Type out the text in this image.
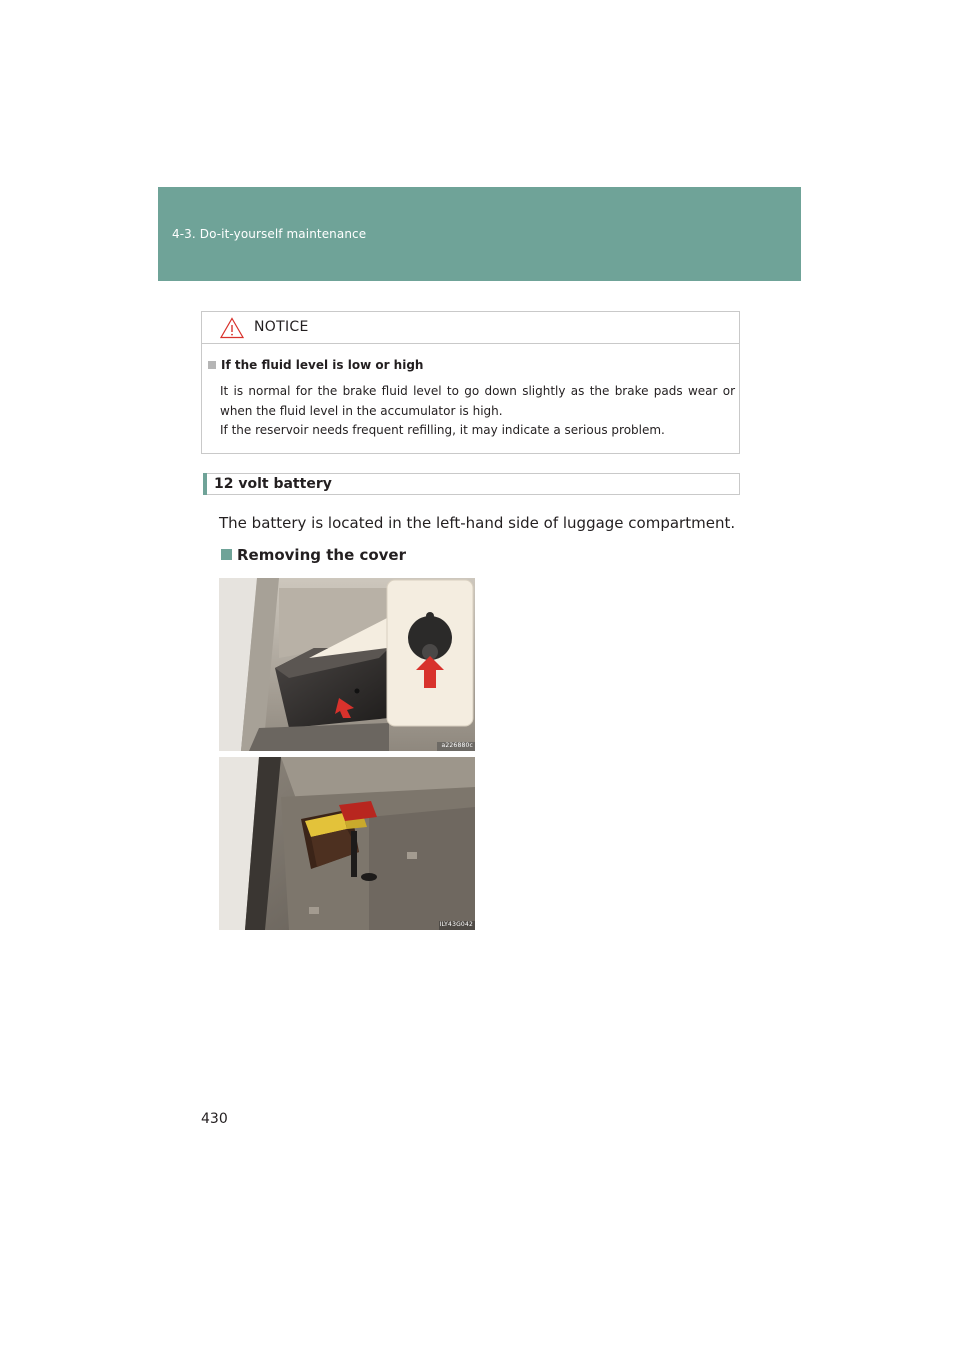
4-3. Do-it-yourself maintenance
NOTICE
If the fluid level is low or high
It is normal for the brake fluid level to go down slightly as the brake pads wear or when the fluid level in the accumulator is high.
If the reservoir needs frequent refilling, it may indicate a serious problem.
12 volt battery
The battery is located in the left-hand side of luggage compartment.
Removing the cover
a226880c
ILY43G042
430
